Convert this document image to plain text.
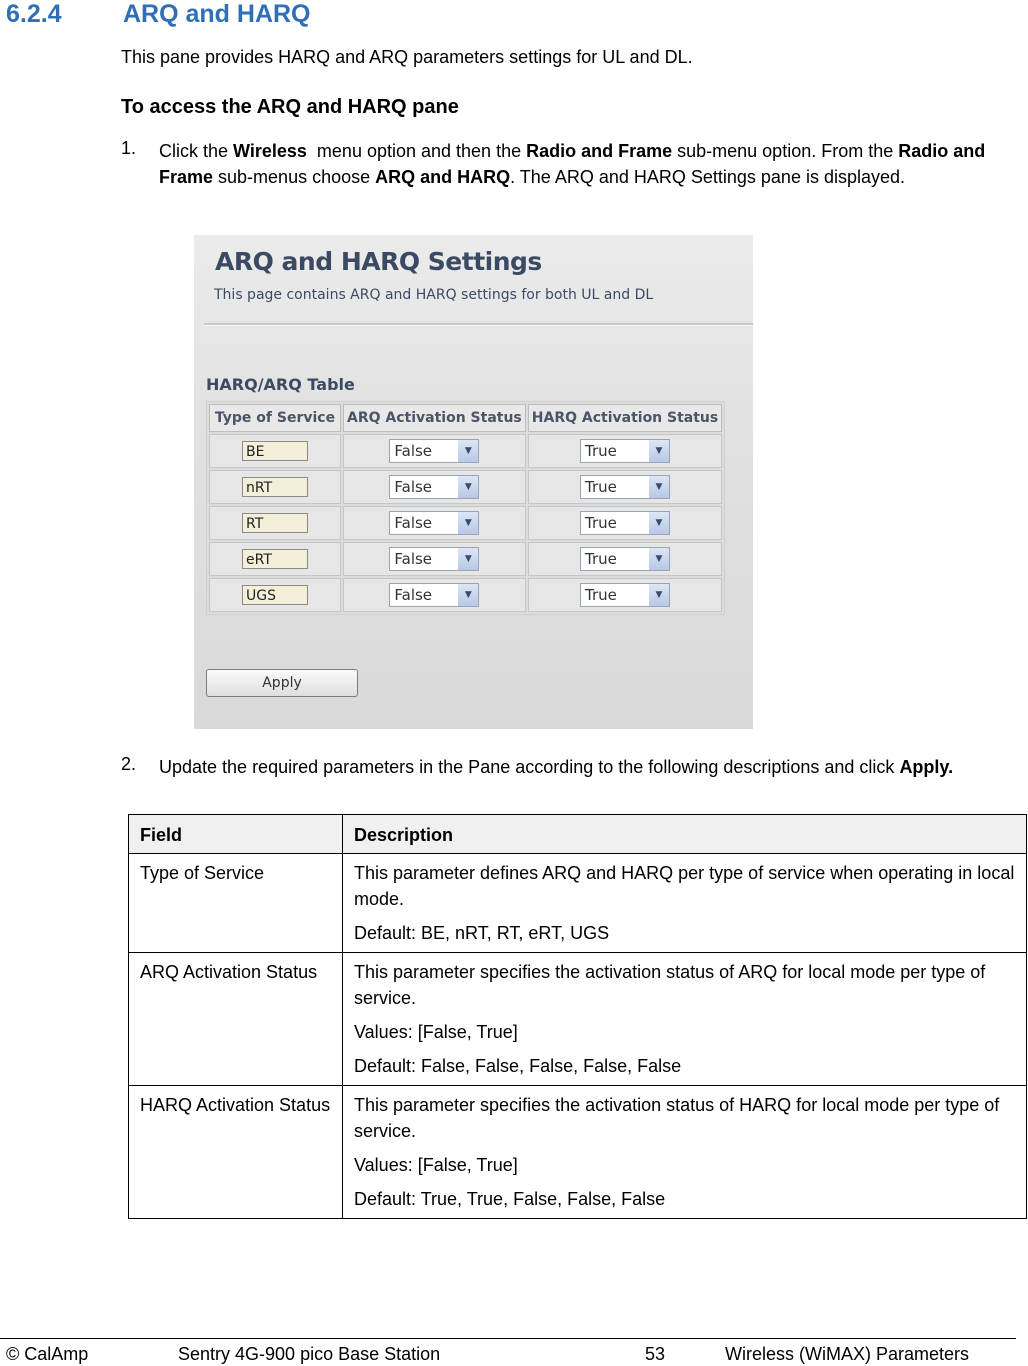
6.2.4 ARQ and HARQ
This pane provides HARQ and ARQ parameters settings for UL and DL.
To access the ARQ and HARQ pane
1. Click the Wireless  menu option and then the Radio and Frame sub-menu option. From the Radio and Frame sub-menus choose ARQ and HARQ. The ARQ and HARQ Settings pane is displayed.
ARQ and HARQ Settings
This page contains ARQ and HARQ settings for both UL and DL
HARQ/ARQ Table
Type of Service	ARQ Activation Status	HARQ Activation Status
BE	False ▼	True ▼

nRT	False ▼	True ▼

RT	False ▼	True ▼

eRT	False ▼	True ▼

UGS	False ▼	True ▼
Apply
2. Update the required parameters in the Pane according to the following descriptions and click Apply.
Field	Description
Type of Service	This parameter defines ARQ and HARQ per type of service when operating in local mode.

Default: BE, nRT, RT, eRT, UGS

ARQ Activation Status	This parameter specifies the activation status of ARQ for local mode per type of service.

Values: [False, True]

Default: False, False, False, False, False

HARQ Activation Status	This parameter specifies the activation status of HARQ for local mode per type of service.

Values: [False, True]

Default: True, True, False, False, False

© CalAmp	Sentry 4G-900 pico Base Station	53	Wireless (WiMAX) Parameters
